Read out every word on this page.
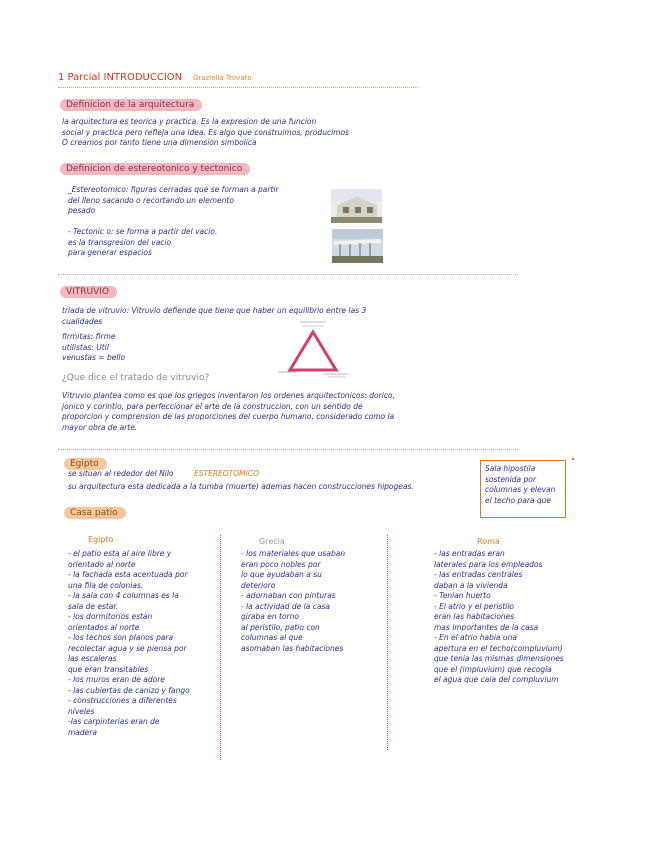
1 Parcial INTRODUCCION Graziella Trovato
Definicion de la arquitectura
la arquitectura es teorica y practica. Es la expresion de una funcion
social y practica pero refleja una idea. Es algo que construimos, producimos
O creamos por tanto tiene una dimension simbolica
Definicion de estereotonico y tectonico
_Estereotomico: figuras cerradas que se forman a partir
del lleno sacando o recortando un elemento
pesado
- Tectonic o: se forma a partir del vacio.
es la transgresion del vacio
para generar espacios
VITRUVIO
triada de vitruvio: Vitruvio defiende que tiene que haber un equilibrio entre las 3
cualidades
firmitas: firme
utilistas: Util
venustas = bello
¿Que dice el tratado de vitruvio?
Vitruvio plantea como es que los griegos inventaron los ordenes arquitectonicos: dorico,
jonico y corintio, para perfeccionar el arte de la construccion, con un sentido de
proporcion y comprension de las proporciones del cuerpo humano, considerado como la
mayor obra de arte.
Egipto
se situan al rededor del Nilo	ESTEREOTOMICO
su arquitectura esta dedicada a la tumba (muerte) ademas hacen construcciones hipogeas.
Sala hipostila
sostenida por
columnas y elevan
el techo para que
Casa patio
Egipto
- el patio esta al aire libre y
orientado al norte
- la fachada esta acentuada por
una fila de colonias.
- la sala con 4 columnas es la
sala de estar.
- los dormitorios estan
orientados al norte
- los techos son planos para
recolectar agua y se piensa por
las escaleras
que eran transitables
- los muros eran de adore
- las cubiertas de canizo y fango
- construcciones a diferentes
niveles
-las carpinterias eran de
madera
Grecia
- los materiales que usaban
eran poco nobles por
lo que ayudaban a su
deterioro
- adornaban con pinturas
- la actividad de la casa
giraba en torno
al peristilo, patio con
columnas al que
asomaban las habitaciones
Roma
- las entradas eran
laterales para los empleados
- las entradas centrales
daban a la vivienda
- Tenian huerto
- El atrio y el peristilo
eran las habitaciones
mas importantes de la casa
- En el atrio habia una
apertura en el techo(compluvium)
que tenia las mismas dimensiones
que el (impluvium) que recogia
el agua que caia del compluvium
